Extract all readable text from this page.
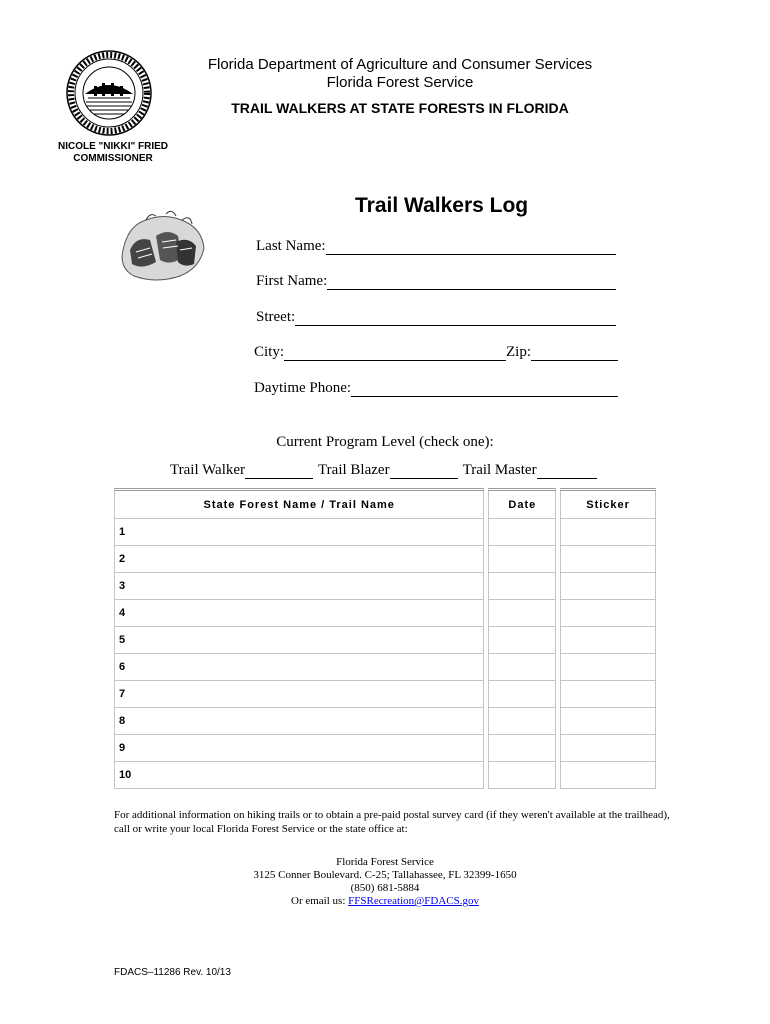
Florida Department of Agriculture and Consumer Services
Florida Forest Service
TRAIL WALKERS AT STATE FORESTS IN FLORIDA
NICOLE "NIKKI" FRIED
COMMISSIONER
Trail Walkers Log
Last Name:
First Name:
Street:
City:	Zip:
Daytime Phone:
Current Program Level (check one):
Trail Walker	Trail Blazer	Trail Master
State Forest Name / Trail Name		Date		Sticker
1				
2				
3				
4				
5				
6				
7				
8				
9				
10				
For additional information on hiking trails or to obtain a pre-paid postal survey card (if they weren't available at the trailhead), call or write your local Florida Forest Service or the state office at:
Florida Forest Service
3125 Conner Boulevard. C-25; Tallahassee, FL 32399-1650
(850) 681-5884
Or email us: FFSRecreation@FDACS.gov
FDACS–11286 Rev. 10/13
